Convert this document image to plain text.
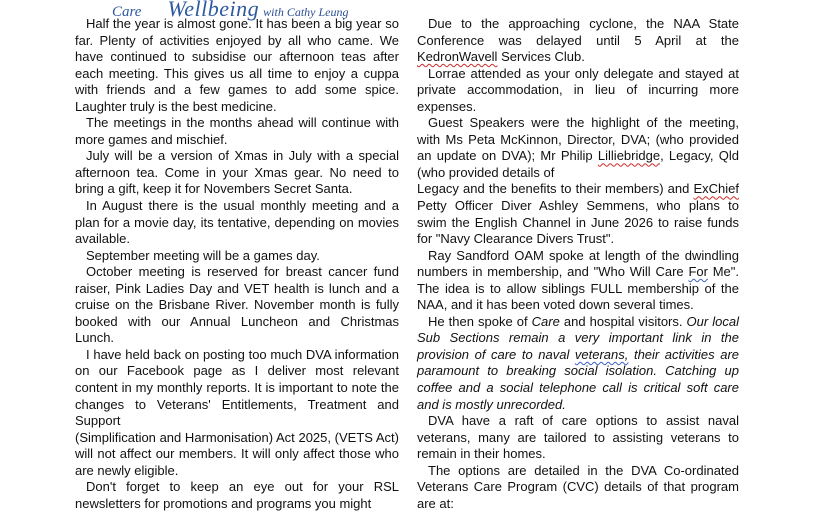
Care Wellbeing with Cathy Leung

Half the year is almost gone. It has been a big year so far. Plenty of activities enjoyed by all who came. We have continued to subsidise our afternoon teas after each meeting. This gives us all time to enjoy a cuppa with friends and a few games to add some spice. Laughter truly is the best medicine.

The meetings in the months ahead will continue with more games and mischief.

July will be a version of Xmas in July with a special afternoon tea. Come in your Xmas gear. No need to bring a gift, keep it for Novembers Secret Santa.

In August there is the usual monthly meeting and a plan for a movie day, its tentative, depending on movies available.

September meeting will be a games day.

October meeting is reserved for breast cancer fund raiser, Pink Ladies Day and VET health is lunch and a cruise on the Brisbane River. November month is fully booked with our Annual Luncheon and Christmas Lunch.

I have held back on posting too much DVA information on our Facebook page as I deliver most relevant content in my monthly reports. It is important to note the changes to Veterans' Entitlements, Treatment and Support

(Simplification and Harmonisation) Act 2025, (VETS Act) will not affect our members. It will only affect those who are newly eligible.

Don't forget to keep an eye out for your RSL newsletters for promotions and programs you might

Due to the approaching cyclone, the NAA State Conference was delayed until 5 April at the KedronWavell Services Club.

Lorrae attended as your only delegate and stayed at private accommodation, in lieu of incurring more expenses.

Guest Speakers were the highlight of the meeting, with Ms Peta McKinnon, Director, DVA; (who provided an update on DVA); Mr Philip Lilliebridge, Legacy, Qld (who provided details of

Legacy and the benefits to their members) and ExChief Petty Officer Diver Ashley Semmens, who plans to swim the English Channel in June 2026 to raise funds for "Navy Clearance Divers Trust".

Ray Sandford OAM spoke at length of the dwindling numbers in membership, and "Who Will Care For Me". The idea is to allow siblings FULL membership of the NAA, and it has been voted down several times.

He then spoke of Care and hospital visitors. Our local Sub Sections remain a very important link in the provision of care to naval veterans, their activities are paramount to breaking social isolation. Catching up coffee and a social telephone call is critical soft care and is mostly unrecorded.

DVA have a raft of care options to assist naval veterans, many are tailored to assisting veterans to remain in their homes.

The options are detailed in the DVA Co-ordinated Veterans Care Program (CVC) details of that program are at:
